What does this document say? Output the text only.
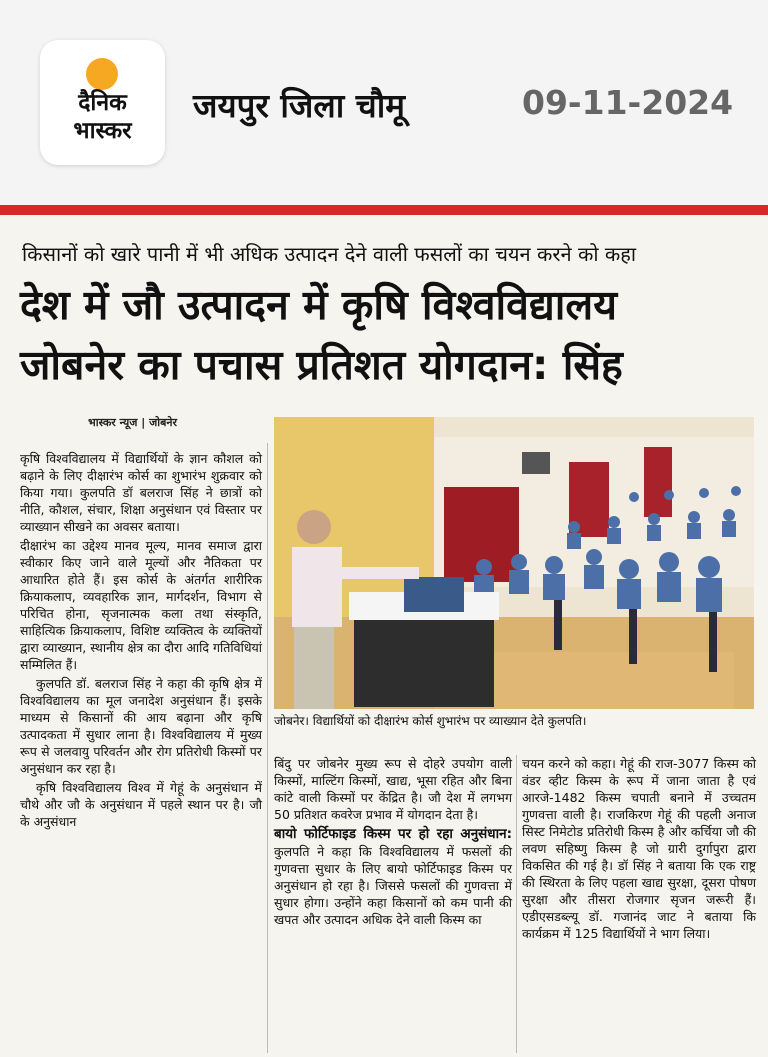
दैनिक
भास्कर
जयपुर जिला चौमू	09-11-2024
किसानों को खारे पानी में भी अधिक उत्पादन देने वाली फसलों का चयन करने को कहा
देश में जौ उत्पादन में कृषि विश्वविद्यालय
जोबनेर का पचास प्रतिशत योगदान: सिंह
भास्कर न्यूज | जोबनेर

कृषि विश्वविद्यालय में विद्यार्थियों के ज्ञान कौशल को बढ़ाने के लिए दीक्षारंभ कोर्स का शुभारंभ शुक्रवार को किया गया। कुलपति डॉ बलराज सिंह ने छात्रों को नीति, कौशल, संचार, शिक्षा अनुसंधान एवं विस्तार पर व्याख्यान सीखने का अवसर बताया।

दीक्षारंभ का उद्देश्य मानव मूल्य, मानव समाज द्वारा स्वीकार किए जाने वाले मूल्यों और नैतिकता पर आधारित होते हैं। इस कोर्स के अंतर्गत शारीरिक क्रियाकलाप, व्यवहारिक ज्ञान, मार्गदर्शन, विभाग से परिचित होना, सृजनात्मक कला तथा संस्कृति, साहित्यिक क्रियाकलाप, विशिष्ट व्यक्तित्व के व्यक्तियों द्वारा व्याख्यान, स्थानीय क्षेत्र का दौरा आदि गतिविधियां सम्मिलित हैं।

कुलपति डॉ. बलराज सिंह ने कहा की कृषि क्षेत्र में विश्वविद्यालय का मूल जनादेश अनुसंधान हैं। इसके माध्यम से किसानों की आय बढ़ाना और कृषि उत्पादकता में सुधार लाना है। विश्वविद्यालय में मुख्य रूप से जलवायु परिवर्तन और रोग प्रतिरोधी किस्मों पर अनुसंधान कर रहा है।

कृषि विश्वविद्यालय विश्व में गेहूं के अनुसंधान में चौथे और जौ के अनुसंधान में पहले स्थान पर है। जौ के अनुसंधान

जोबनेर। विद्यार्थियों को दीक्षारंभ कोर्स शुभारंभ पर व्याख्यान देते कुलपति।

बिंदु पर जोबनेर मुख्य रूप से दोहरे उपयोग वाली किस्मों, माल्टिंग किस्मों, खाद्य, भूसा रहित और बिना कांटे वाली किस्मों पर केंद्रित है। जौ देश में लगभग 50 प्रतिशत कवरेज प्रभाव में योगदान देता है।

बायो फोर्टिफाइड किस्म पर हो रहा अनुसंधान: कुलपति ने कहा कि विश्वविद्यालय में फसलों की गुणवत्ता सुधार के लिए बायो फोर्टिफाइड किस्म पर अनुसंधान हो रहा है। जिससे फसलों की गुणवत्ता में सुधार होगा। उन्होंने कहा किसानों को कम पानी की खपत और उत्पादन अधिक देने वाली किस्म का

चयन करने को कहा। गेहूं की राज-3077 किस्म को वंडर व्हीट किस्म के रूप में जाना जाता है एवं आरजे-1482 किस्म चपाती बनाने में उच्चतम गुणवत्ता वाली है। राजकिरण गेहूं की पहली अनाज सिस्ट निमेटोड प्रतिरोधी किस्म है और कर्चिया जौ की लवण सहिष्णु किस्म है जो ग्रारी दुर्गापुरा द्वारा विकसित की गई है। डॉ सिंह ने बताया कि एक राष्ट्र की स्थिरता के लिए पहला खाद्य सुरक्षा, दूसरा पोषण सुरक्षा और तीसरा रोजगार सृजन जरूरी हैं। एडीएसडब्ल्यू डॉ. गजानंद जाट ने बताया कि कार्यक्रम में 125 विद्यार्थियों ने भाग लिया।
